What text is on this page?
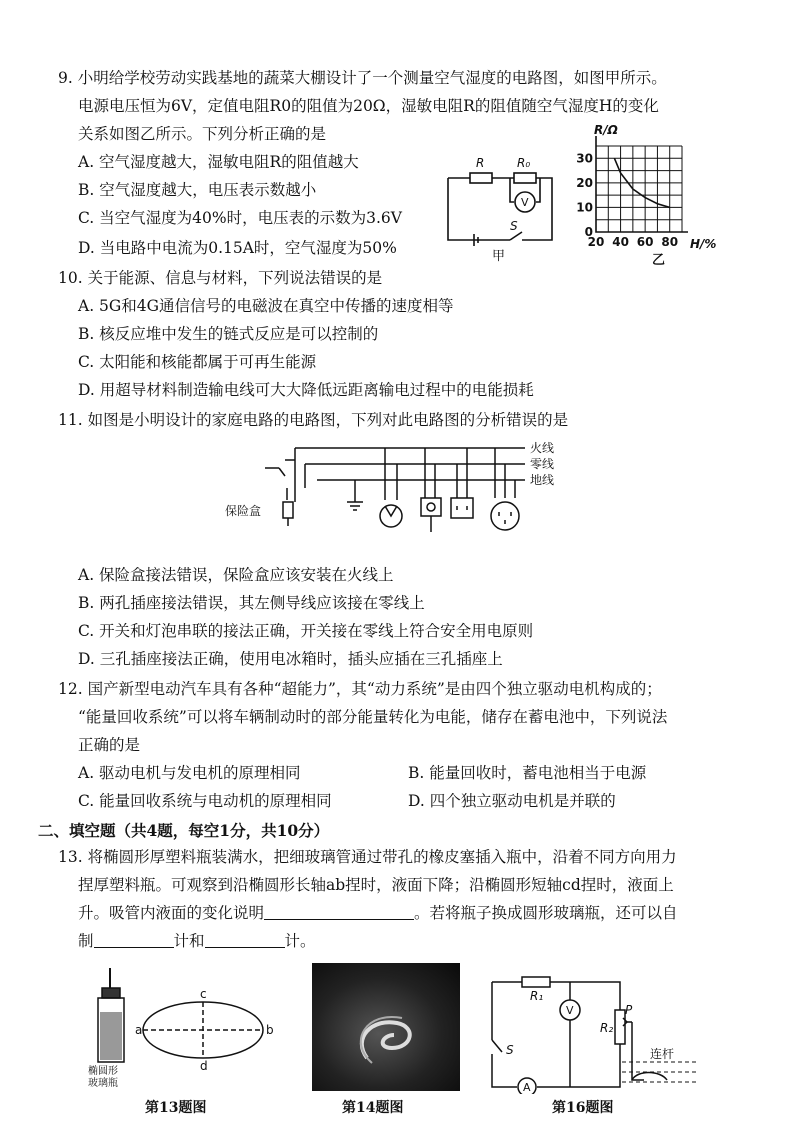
9. 小明给学校劳动实践基地的蔬菜大棚设计了一个测量空气湿度的电路图，如图甲所示。
电源电压恒为6V，定值电阻R0的阻值为20Ω，湿敏电阻R的阻值随空气湿度H的变化
关系如图乙所示。下列分析正确的是
A. 空气湿度越大，湿敏电阻R的阻值越大
B. 空气湿度越大，电压表示数越小
C. 当空气湿度为40%时，电压表的示数为3.6V
D. 当电路中电流为0.15A时，空气湿度为50%
R	R₀
V
S
甲
R/Ω
0
10
20
30
20 40 60 80 H/%
乙
10. 关于能源、信息与材料，下列说法错误的是
A. 5G和4G通信信号的电磁波在真空中传播的速度相等
B. 核反应堆中发生的链式反应是可以控制的
C. 太阳能和核能都属于可再生能源
D. 用超导材料制造输电线可大大降低远距离输电过程中的电能损耗
11. 如图是小明设计的家庭电路的电路图，下列对此电路图的分析错误的是
火线
零线
地线
保险盒
A. 保险盒接法错误，保险盒应该安装在火线上
B. 两孔插座接法错误，其左侧导线应该接在零线上
C. 开关和灯泡串联的接法正确，开关接在零线上符合安全用电原则
D. 三孔插座接法正确，使用电冰箱时，插头应插在三孔插座上
12. 国产新型电动汽车具有各种“超能力”，其“动力系统”是由四个独立驱动电机构成的；
“能量回收系统”可以将车辆制动时的部分能量转化为电能，储存在蓄电池中，下列说法
正确的是
A. 驱动电机与发电机的原理相同	B. 能量回收时，蓄电池相当于电源
C. 能量回收系统与电动机的原理相同	D. 四个独立驱动电机是并联的
二、填空题（共4题，每空1分，共10分）
13. 将椭圆形厚塑料瓶装满水，把细玻璃管通过带孔的橡皮塞插入瓶中，沿着不同方向用力
捏厚塑料瓶。可观察到沿椭圆形长轴ab捏时，液面下降；沿椭圆形短轴cd捏时，液面上
升。吸管内液面的变化说明	。若将瓶子换成圆形玻璃瓶，还可以自
制	计和	计。
c
a	b
d
椭圆形
玻璃瓶
第13题图	第14题图
R₁
V
A
S
R₂
P
连杆
第16题图
